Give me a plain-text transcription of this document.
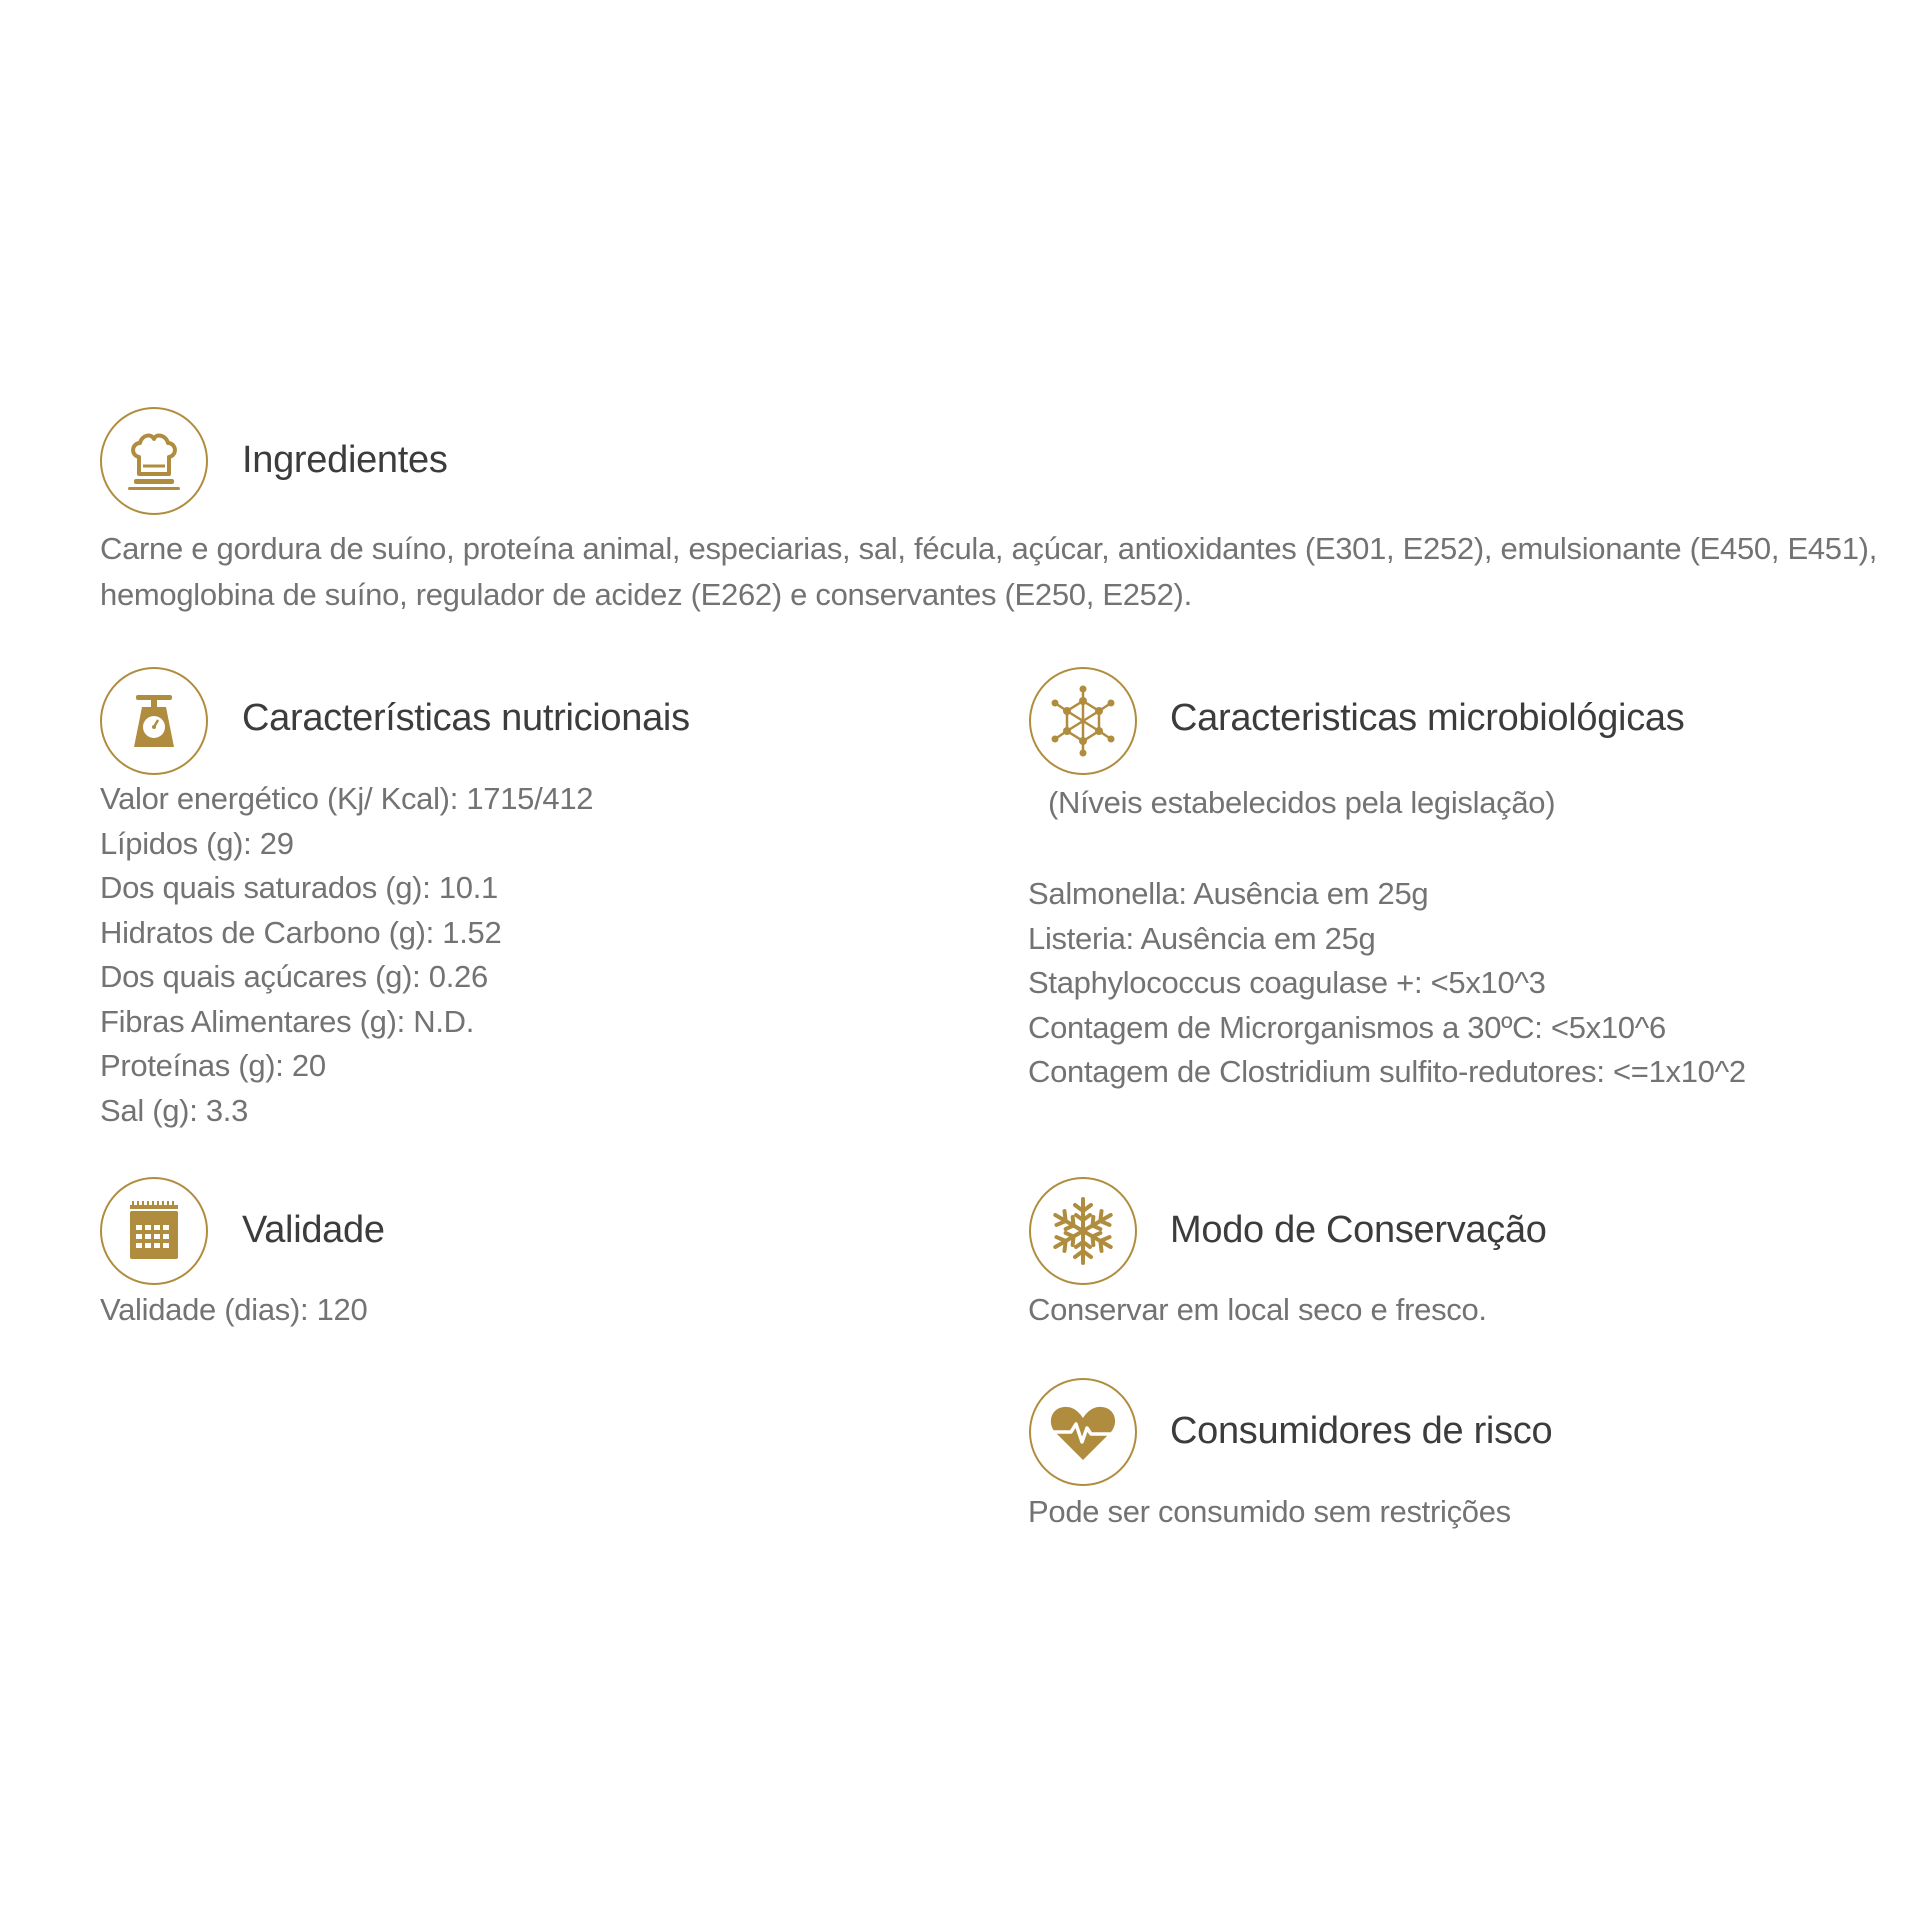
Ingredientes
Carne e gordura de suíno, proteína animal, especiarias, sal, fécula, açúcar, antioxidantes (E301, E252), emulsionante (E450, E451), hemoglobina de suíno, regulador de acidez (E262) e conservantes (E250, E252).
Características nutricionais
Valor energético (Kj/ Kcal): 1715/412
Lípidos (g): 29
Dos quais saturados (g): 10.1
Hidratos de Carbono (g): 1.52
Dos quais açúcares (g): 0.26
Fibras Alimentares (g): N.D.
Proteínas (g): 20
Sal (g): 3.3
Caracteristicas microbiológicas
(Níveis estabelecidos pela legislação)
Salmonella: Ausência em 25g
Listeria: Ausência em 25g
Staphylococcus coagulase +: <5x10^3
Contagem de Microrganismos a 30ºC: <5x10^6
Contagem de Clostridium sulfito-redutores: <=1x10^2
Validade
Validade (dias): 120
Modo de Conservação
Conservar em local seco e fresco.
Consumidores de risco
Pode ser consumido sem restrições
